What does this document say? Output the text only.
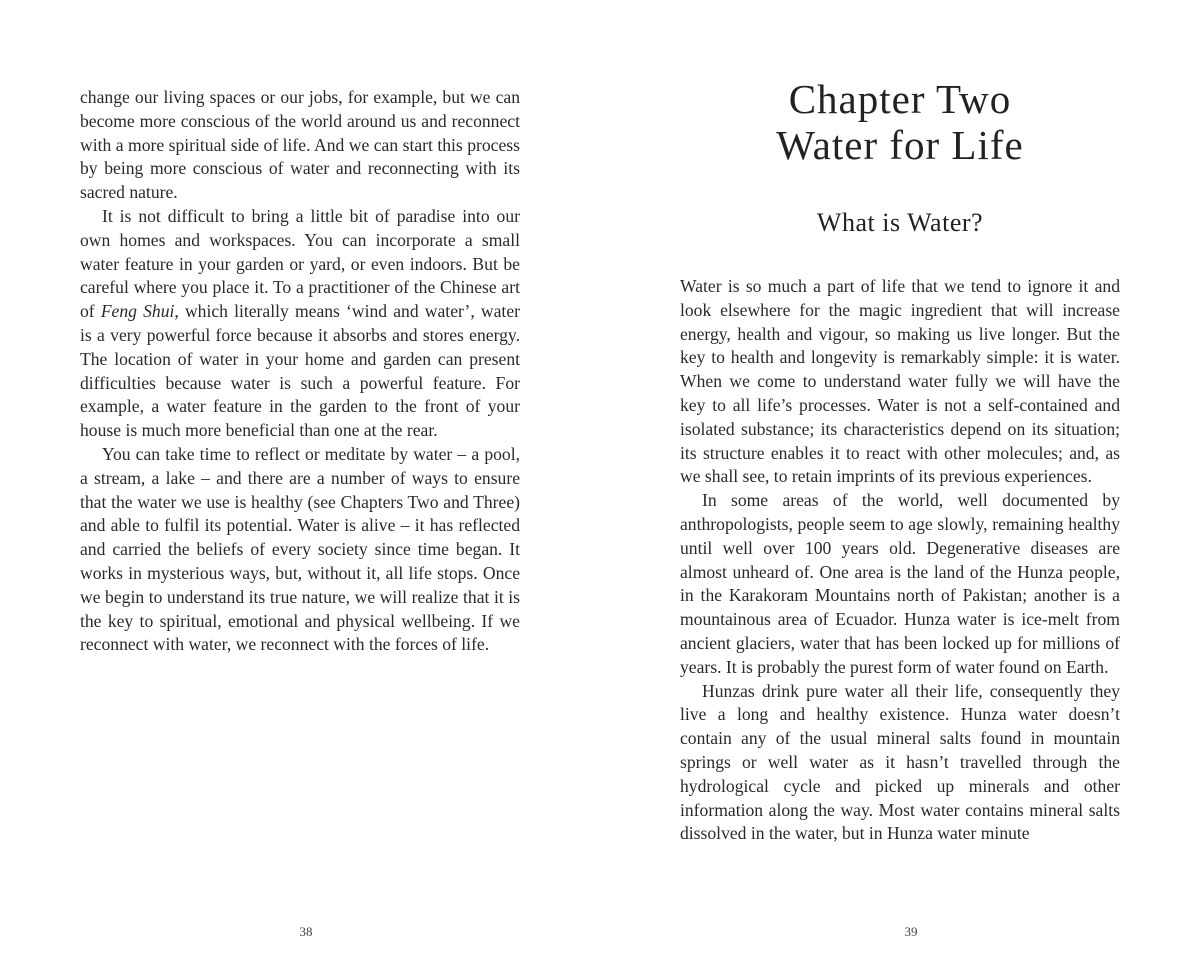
change our living spaces or our jobs, for example, but we can become more conscious of the world around us and reconnect with a more spiritual side of life. And we can start this process by being more conscious of water and reconnecting with its sacred nature.

It is not difficult to bring a little bit of paradise into our own homes and workspaces. You can incorporate a small water feature in your garden or yard, or even indoors. But be careful where you place it. To a practitioner of the Chinese art of Feng Shui, which literally means ‘wind and water’, water is a very powerful force because it absorbs and stores energy. The location of water in your home and garden can present difficulties because water is such a powerful feature. For example, a water feature in the garden to the front of your house is much more beneficial than one at the rear.

You can take time to reflect or meditate by water – a pool, a stream, a lake – and there are a number of ways to ensure that the water we use is healthy (see Chapters Two and Three) and able to fulfil its potential. Water is alive – it has reflected and carried the beliefs of every society since time began. It works in mysterious ways, but, without it, all life stops. Once we begin to understand its true nature, we will realize that it is the key to spiritual, emotional and physical wellbeing. If we reconnect with water, we reconnect with the forces of life.

38
Chapter Two
Water for Life
What is Water?

Water is so much a part of life that we tend to ignore it and look elsewhere for the magic ingredient that will increase energy, health and vigour, so making us live longer. But the key to health and longevity is remarkably simple: it is water. When we come to understand water fully we will have the key to all life’s processes. Water is not a self-contained and isolated substance; its characteristics depend on its situation; its structure enables it to react with other molecules; and, as we shall see, to retain imprints of its previous experiences.

In some areas of the world, well documented by anthropologists, people seem to age slowly, remaining healthy until well over 100 years old. Degenerative diseases are almost unheard of. One area is the land of the Hunza people, in the Karakoram Mountains north of Pakistan; another is a mountainous area of Ecuador. Hunza water is ice-melt from ancient glaciers, water that has been locked up for millions of years. It is probably the purest form of water found on Earth.

Hunzas drink pure water all their life, consequently they live a long and healthy existence. Hunza water doesn’t contain any of the usual mineral salts found in mountain springs or well water as it hasn’t travelled through the hydrological cycle and picked up minerals and other information along the way. Most water contains mineral salts dissolved in the water, but in Hunza water minute

39
